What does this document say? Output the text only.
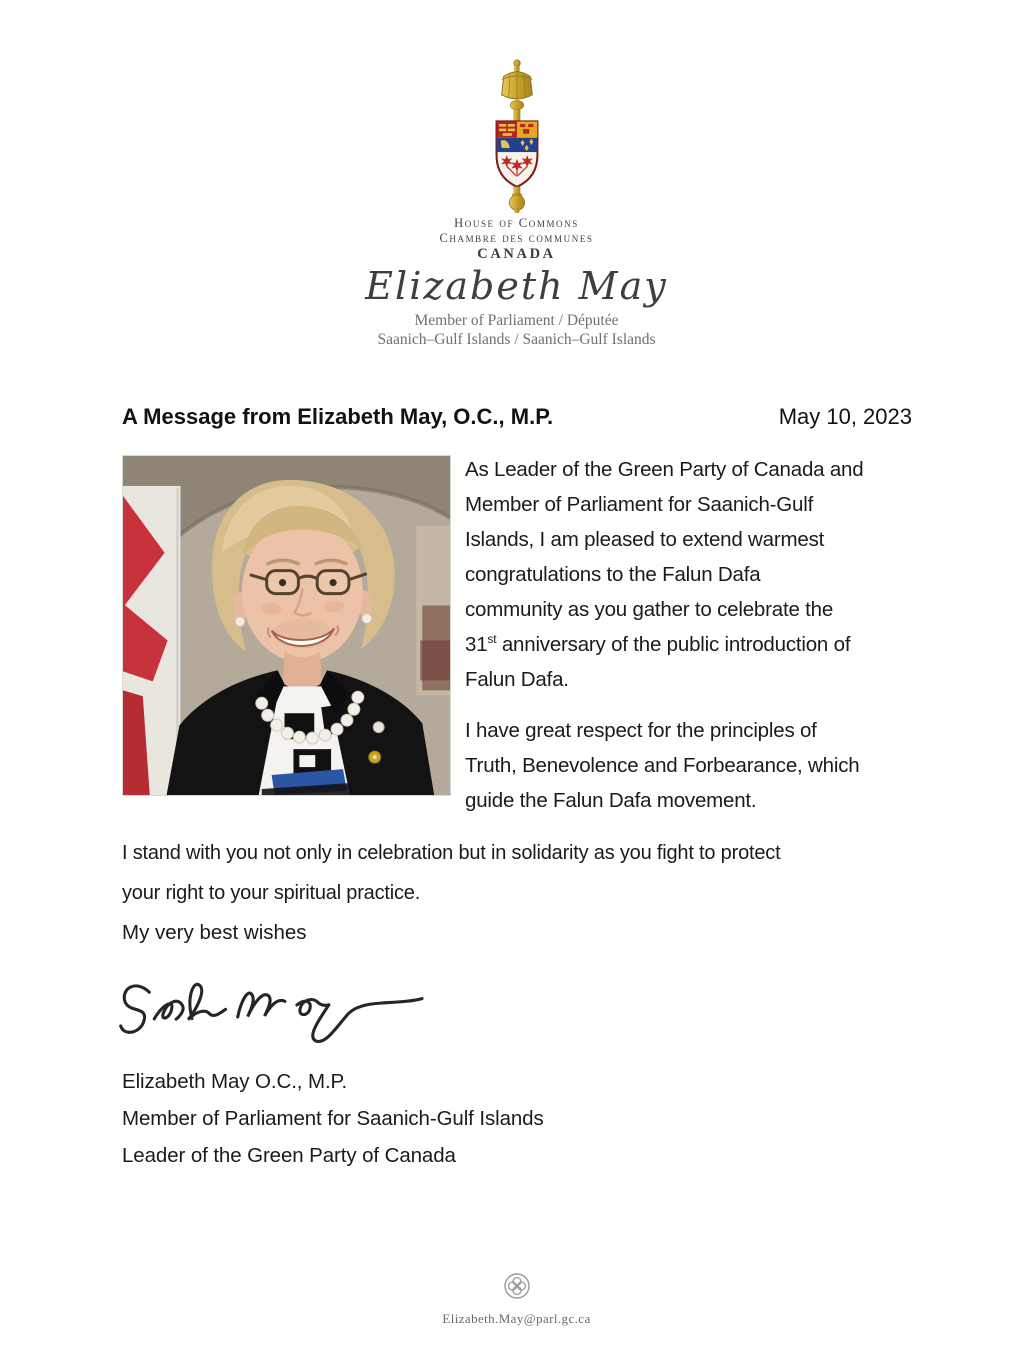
House of Commons
Chambre des communes
CANADA
Elizabeth May
Member of Parliament / Députée
Saanich–Gulf Islands / Saanich–Gulf Islands
A Message from Elizabeth May, O.C., M.P.	May 10, 2023

As Leader of the Green Party of Canada and
Member of Parliament for Saanich-Gulf
Islands, I am pleased to extend warmest
congratulations to the Falun Dafa
community as you gather to celebrate the
31st anniversary of the public introduction of
Falun Dafa.

I have great respect for the principles of
Truth, Benevolence and Forbearance, which
guide the Falun Dafa movement.

I stand with you not only in celebration but in solidarity as you fight to protect
your right to your spiritual practice.
My very best wishes
Elizabeth May O.C., M.P.
Member of Parliament for Saanich-Gulf Islands
Leader of the Green Party of Canada
Elizabeth.May@parl.gc.ca
